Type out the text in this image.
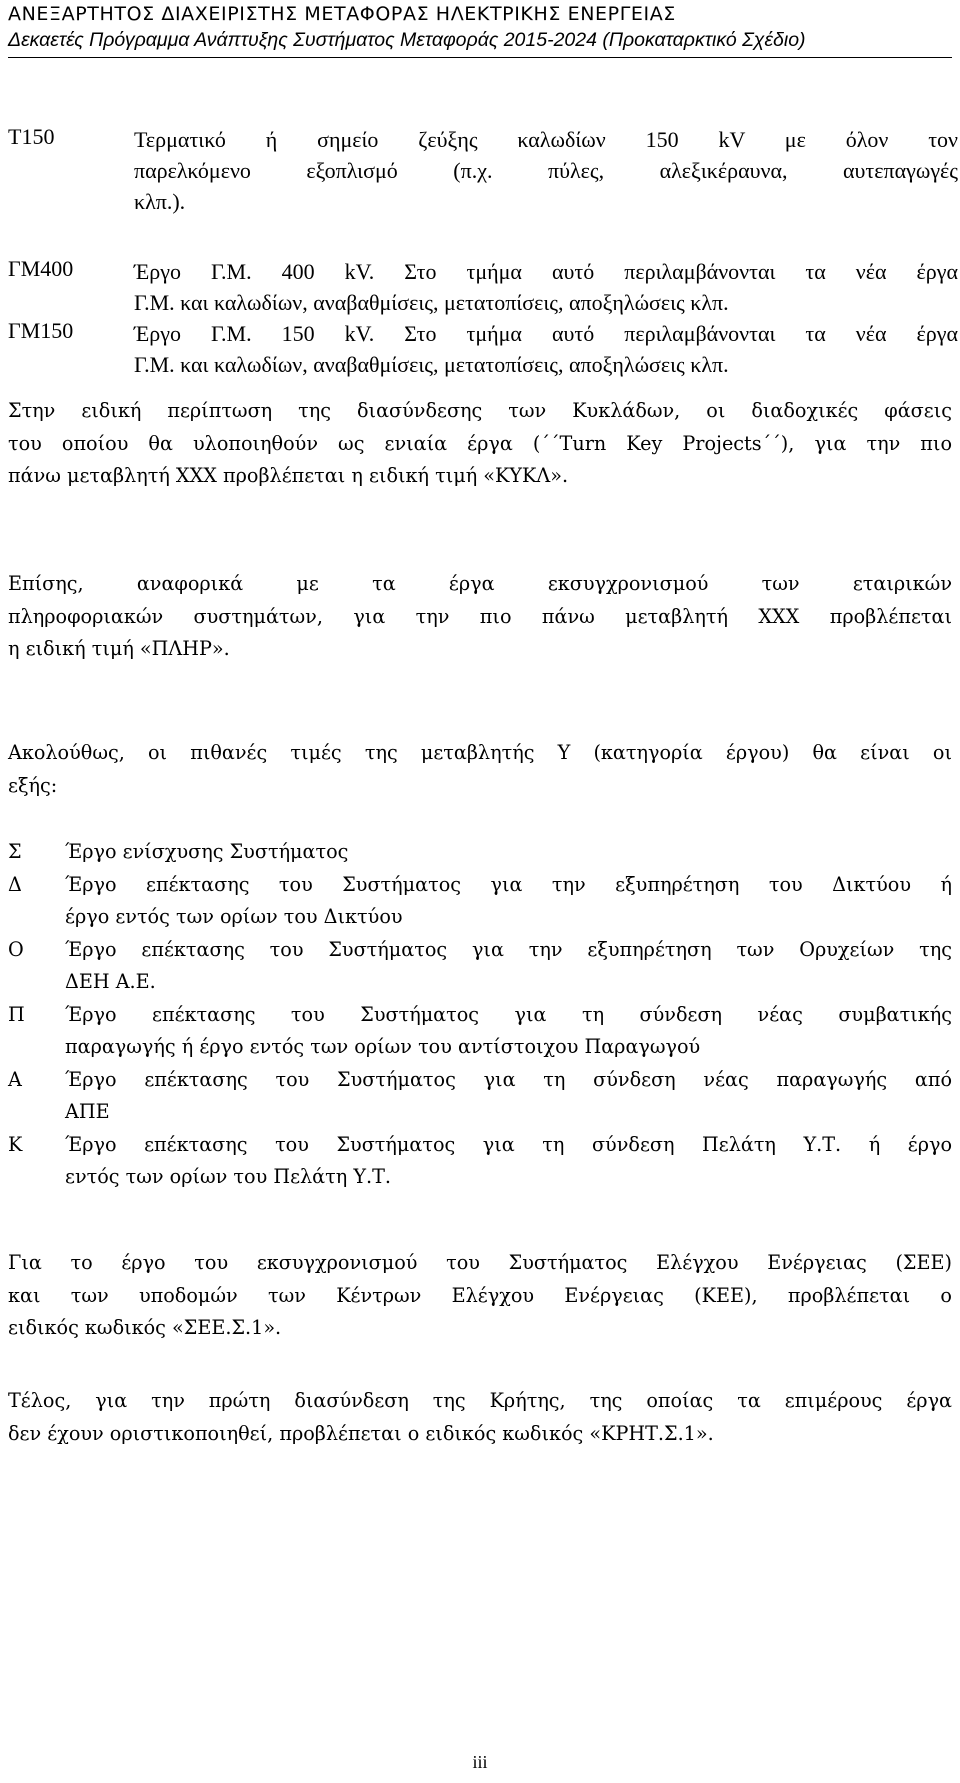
ΑΝΕΞΑΡΤΗΤΟΣ ΔΙΑΧΕΙΡΙΣΤΗΣ ΜΕΤΑΦΟΡΑΣ ΗΛΕΚΤΡΙΚΗΣ ΕΝΕΡΓΕΙΑΣ
Δεκαετές Πρόγραμμα Ανάπτυξης Συστήματος Μεταφοράς 2015-2024 (Προκαταρκτικό Σχέδιο)
Τ150	Τερματικό ή σημείο ζεύξης καλωδίων 150 kV με όλον τον
παρελκόμενο εξοπλισμό (π.χ. πύλες, αλεξικέραυνα, αυτεπαγωγές
κλπ.).
ΓΜ400	Έργο Γ.Μ. 400 kV. Στο τμήμα αυτό περιλαμβάνονται τα νέα έργα
Γ.Μ. και καλωδίων, αναβαθμίσεις, μετατοπίσεις, αποξηλώσεις κλπ.
ΓΜ150	Έργο Γ.Μ. 150 kV. Στο τμήμα αυτό περιλαμβάνονται τα νέα έργα
Γ.Μ. και καλωδίων, αναβαθμίσεις, μετατοπίσεις, αποξηλώσεις κλπ.
Στην ειδική περίπτωση της διασύνδεσης των Κυκλάδων, οι διαδοχικές φάσεις
του οποίου θα υλοποιηθούν ως ενιαία έργα (΄΄Turn Key Projects΄΄), για την πιο
πάνω μεταβλητή ΧΧΧ προβλέπεται η ειδική τιμή «ΚΥΚΛ».
Επίσης, αναφορικά με τα έργα εκσυγχρονισμού των εταιρικών
πληροφοριακών συστημάτων, για την πιο πάνω μεταβλητή ΧΧΧ προβλέπεται
η ειδική τιμή «ΠΛΗΡ».
Ακολούθως, οι πιθανές τιμές της μεταβλητής Υ (κατηγορία έργου) θα είναι οι
εξής:
Σ	Έργο ενίσχυσης Συστήματος
Δ	Έργο επέκτασης του Συστήματος για την εξυπηρέτηση του Δικτύου ή
έργο εντός των ορίων του Δικτύου
Ο	Έργο επέκτασης του Συστήματος για την εξυπηρέτηση των Ορυχείων της
ΔΕΗ Α.Ε.
Π	Έργο επέκτασης του Συστήματος για τη σύνδεση νέας συμβατικής
παραγωγής ή έργο εντός των ορίων του αντίστοιχου Παραγωγού
Α	Έργο επέκτασης του Συστήματος για τη σύνδεση νέας παραγωγής από
ΑΠΕ
Κ	Έργο επέκτασης του Συστήματος για τη σύνδεση Πελάτη Υ.Τ. ή έργο
εντός των ορίων του Πελάτη Υ.Τ.
Για το έργο του εκσυγχρονισμού του Συστήματος Ελέγχου Ενέργειας (ΣΕΕ)
και των υποδομών των Κέντρων Ελέγχου Ενέργειας (ΚΕΕ), προβλέπεται ο
ειδικός κωδικός «ΣΕΕ.Σ.1».
Τέλος, για την πρώτη διασύνδεση της Κρήτης, της οποίας τα επιμέρους έργα
δεν έχουν οριστικοποιηθεί, προβλέπεται ο ειδικός κωδικός «ΚΡΗΤ.Σ.1».
iii
